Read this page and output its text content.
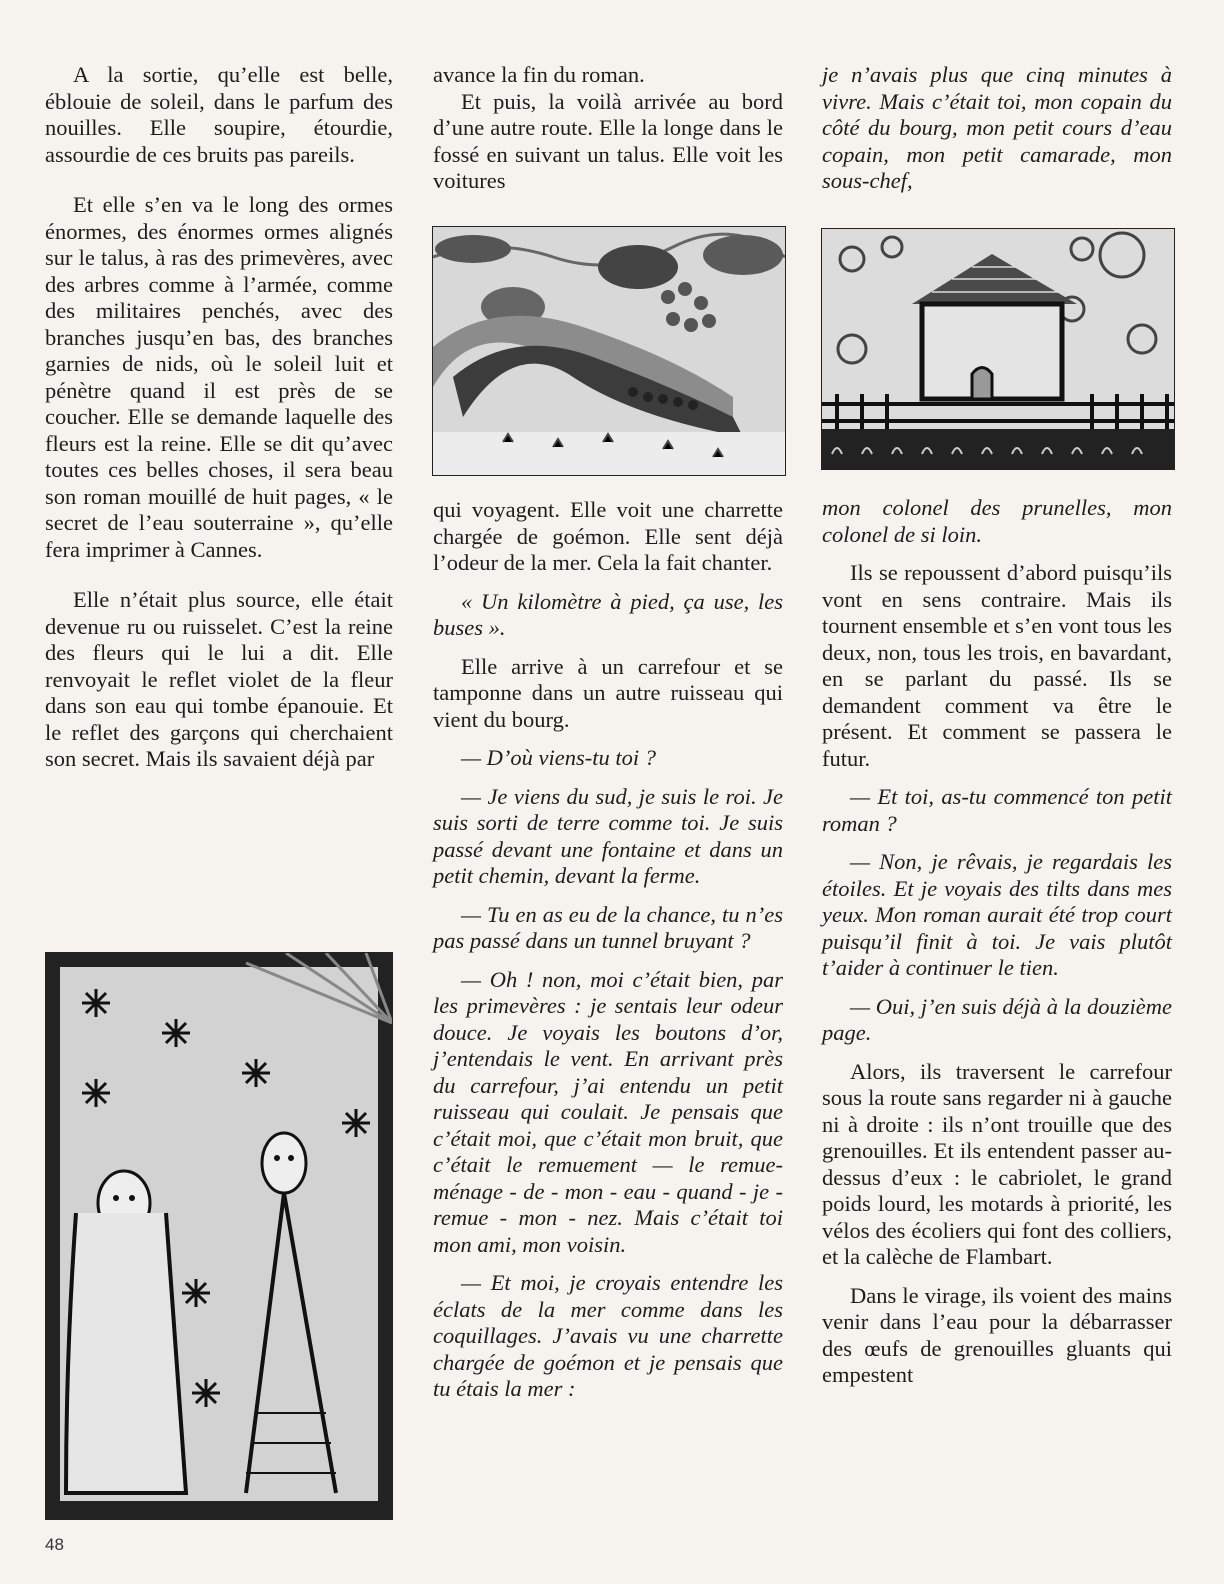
A la sortie, qu’elle est belle, éblouie de soleil, dans le parfum des nouilles. Elle soupire, étourdie, assourdie de ces bruits pas pareils.

Et elle s’en va le long des ormes énormes, des énormes ormes alignés sur le talus, à ras des primevères, avec des arbres comme à l’armée, comme des militaires penchés, avec des branches jusqu’en bas, des branches garnies de nids, où le soleil luit et pénètre quand il est près de se coucher. Elle se demande laquelle des fleurs est la reine. Elle se dit qu’avec toutes ces belles choses, il sera beau son roman mouillé de huit pages, « le secret de l’eau souterraine », qu’elle fera imprimer à Cannes.

Elle n’était plus source, elle était devenue ru ou ruisselet. C’est la reine des fleurs qui le lui a dit. Elle renvoyait le reflet violet de la fleur dans son eau qui tombe épanouie. Et le reflet des garçons qui cherchaient son secret. Mais ils savaient déjà par

avance la fin du roman.

Et puis, la voilà arrivée au bord d’une autre route. Elle la longe dans le fossé en suivant un talus. Elle voit les voitures

qui voyagent. Elle voit une charrette chargée de goémon. Elle sent déjà l’odeur de la mer. Cela la fait chanter.

« Un kilomètre à pied, ça use, les buses ».

Elle arrive à un carrefour et se tamponne dans un autre ruisseau qui vient du bourg.

— D’où viens-tu toi ?

— Je viens du sud, je suis le roi. Je suis sorti de terre comme toi. Je suis passé devant une fontaine et dans un petit chemin, devant la ferme.

— Tu en as eu de la chance, tu n’es pas passé dans un tunnel bruyant ?

— Oh ! non, moi c’était bien, par les primevères : je sentais leur odeur douce. Je voyais les boutons d’or, j’entendais le vent. En arrivant près du carrefour, j’ai entendu un petit ruisseau qui coulait. Je pensais que c’était moi, que c’était mon bruit, que c’était le remuement — le remue-ménage - de - mon - eau - quand - je - remue - mon - nez. Mais c’était toi mon ami, mon voisin.

— Et moi, je croyais entendre les éclats de la mer comme dans les coquillages. J’avais vu une charrette chargée de goémon et je pensais que tu étais la mer :

je n’avais plus que cinq minutes à vivre. Mais c’était toi, mon copain du côté du bourg, mon petit cours d’eau copain, mon petit camarade, mon sous-chef,

mon colonel des prunelles, mon colonel de si loin.

Ils se repoussent d’abord puisqu’ils vont en sens contraire. Mais ils tournent ensemble et s’en vont tous les deux, non, tous les trois, en bavardant, en se parlant du passé. Ils se demandent comment va être le présent. Et comment se passera le futur.

— Et toi, as-tu commencé ton petit roman ?

— Non, je rêvais, je regardais les étoiles. Et je voyais des tilts dans mes yeux. Mon roman aurait été trop court puisqu’il finit à toi. Je vais plutôt t’aider à continuer le tien.

— Oui, j’en suis déjà à la douzième page.

Alors, ils traversent le carrefour sous la route sans regarder ni à gauche ni à droite : ils n’ont trouille que des grenouilles. Et ils entendent passer au-dessus d’eux : le cabriolet, le grand poids lourd, les motards à priorité, les vélos des écoliers qui font des colliers, et la calèche de Flambart.

Dans le virage, ils voient des mains venir dans l’eau pour la débarrasser des œufs de grenouilles gluants qui empestent

48
